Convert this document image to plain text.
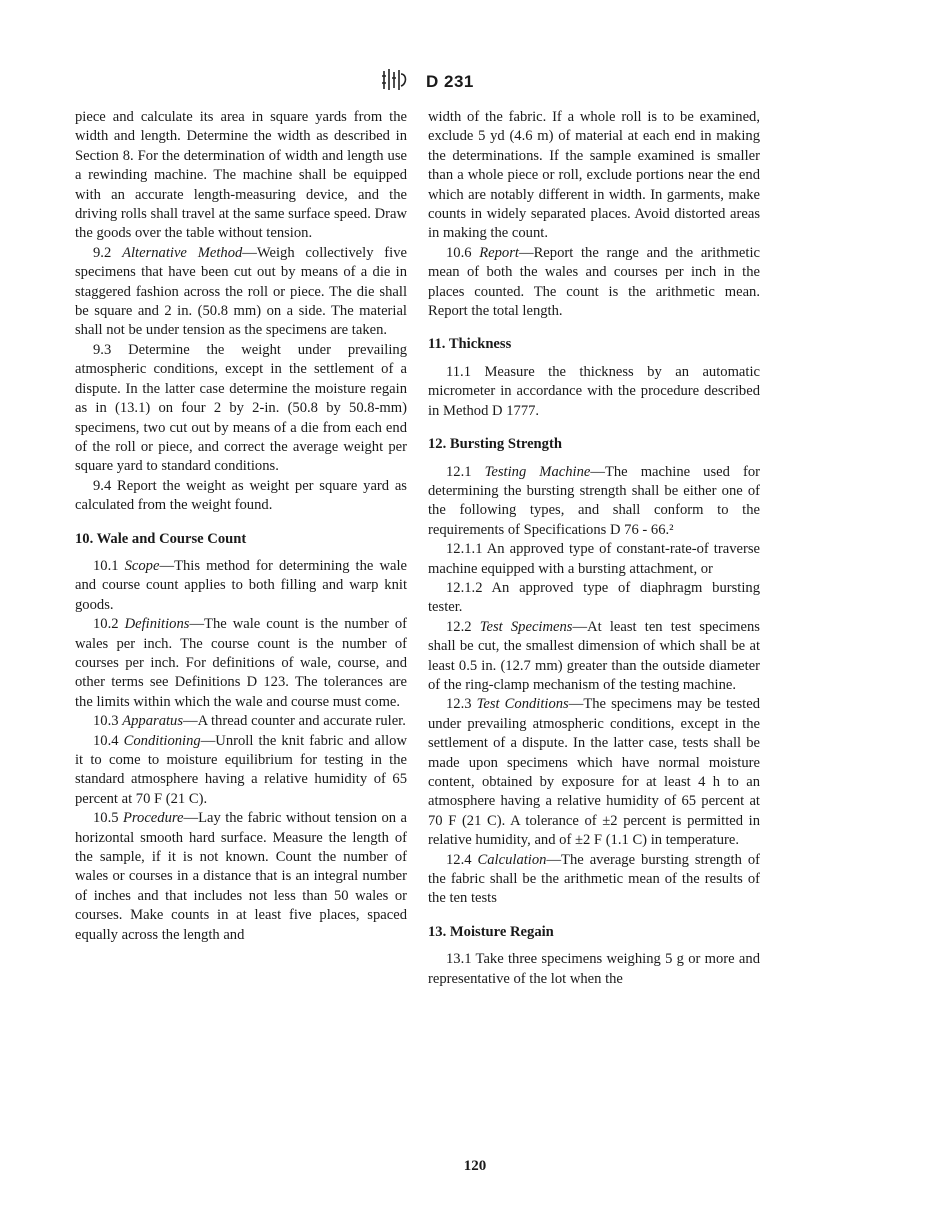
D 231

piece and calculate its area in square yards from the width and length. Determine the width as described in Section 8. For the determination of width and length use a rewinding machine. The machine shall be equipped with an accurate length-measuring device, and the driving rolls shall travel at the same surface speed. Draw the goods over the table without tension.

9.2 Alternative Method—Weigh collectively five specimens that have been cut out by means of a die in staggered fashion across the roll or piece. The die shall be square and 2 in. (50.8 mm) on a side. The material shall not be under tension as the specimens are taken.

9.3 Determine the weight under prevailing atmospheric conditions, except in the settlement of a dispute. In the latter case determine the moisture regain as in (13.1) on four 2 by 2-in. (50.8 by 50.8-mm) specimens, two cut out by means of a die from each end of the roll or piece, and correct the average weight per square yard to standard conditions.

9.4 Report the weight as weight per square yard as calculated from the weight found.

10. Wale and Course Count

10.1 Scope—This method for determining the wale and course count applies to both filling and warp knit goods.

10.2 Definitions—The wale count is the number of wales per inch. The course count is the number of courses per inch. For definitions of wale, course, and other terms see Definitions D 123. The tolerances are the limits within which the wale and course must come.

10.3 Apparatus—A thread counter and accurate ruler.

10.4 Conditioning—Unroll the knit fabric and allow it to come to moisture equilibrium for testing in the standard atmosphere having a relative humidity of 65 percent at 70 F (21 C).

10.5 Procedure—Lay the fabric without tension on a horizontal smooth hard surface. Measure the length of the sample, if it is not known. Count the number of wales or courses in a distance that is an integral number of inches and that includes not less than 50 wales or courses. Make counts in at least five places, spaced equally across the length and

width of the fabric. If a whole roll is to be examined, exclude 5 yd (4.6 m) of material at each end in making the determinations. If the sample examined is smaller than a whole piece or roll, exclude portions near the end which are notably different in width. In garments, make counts in widely separated places. Avoid distorted areas in making the count.

10.6 Report—Report the range and the arithmetic mean of both the wales and courses per inch in the places counted. The count is the arithmetic mean. Report the total length.

11. Thickness

11.1 Measure the thickness by an automatic micrometer in accordance with the procedure described in Method D 1777.

12. Bursting Strength

12.1 Testing Machine—The machine used for determining the bursting strength shall be either one of the following types, and shall conform to the requirements of Specifications D 76 - 66.²

12.1.1 An approved type of constant-rate-of traverse machine equipped with a bursting attachment, or

12.1.2 An approved type of diaphragm bursting tester.

12.2 Test Specimens—At least ten test specimens shall be cut, the smallest dimension of which shall be at least 0.5 in. (12.7 mm) greater than the outside diameter of the ring-clamp mechanism of the testing machine.

12.3 Test Conditions—The specimens may be tested under prevailing atmospheric conditions, except in the settlement of a dispute. In the latter case, tests shall be made upon specimens which have normal moisture content, obtained by exposure for at least 4 h to an atmosphere having a relative humidity of 65 percent at 70 F (21 C). A tolerance of ±2 percent is permitted in relative humidity, and of ±2 F (1.1 C) in temperature.

12.4 Calculation—The average bursting strength of the fabric shall be the arithmetic mean of the results of the ten tests

13. Moisture Regain

13.1 Take three specimens weighing 5 g or more and representative of the lot when the

120
